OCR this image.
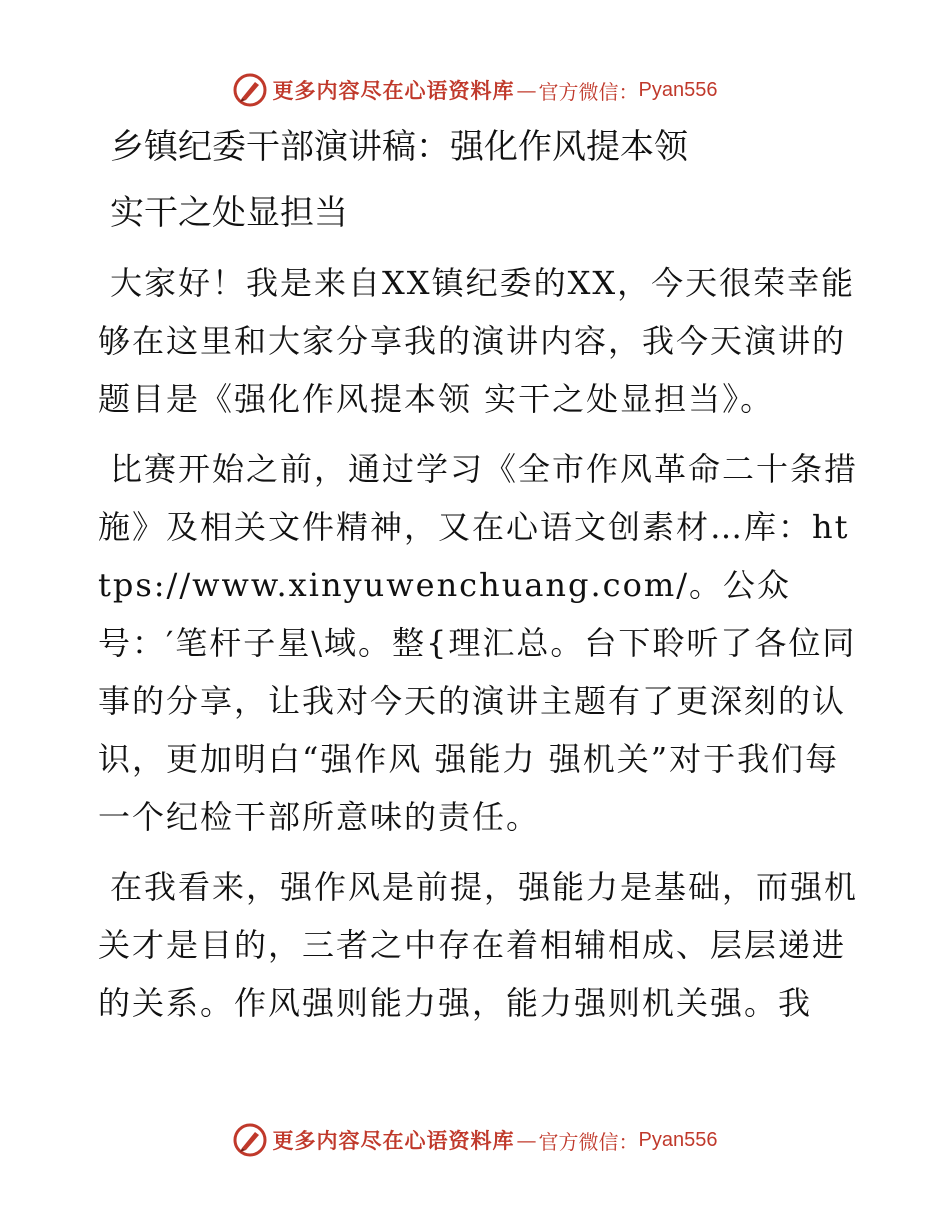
更多内容尽在心语资料库 — 官方微信： Pyan556

乡镇纪委干部演讲稿：强化作风提本领

实干之处显担当

大家好！我是来自XX镇纪委的XX，今天很荣幸能够在这里和大家分享我的演讲内容，我今天演讲的题目是《强化作风提本领 实干之处显担当》。

比赛开始之前，通过学习《全市作风革命二十条措施》及相关文件精神，又在心语文创素材…库：https://www.xinyuwenchuang.com/。公众号：′笔杆子星\域。整{理汇总。台下聆听了各位同事的分享，让我对今天的演讲主题有了更深刻的认识，更加明白“强作风 强能力 强机关”对于我们每一个纪检干部所意味的责任。

在我看来，强作风是前提，强能力是基础，而强机关才是目的，三者之中存在着相辅相成、层层递进的关系。作风强则能力强，能力强则机关强。我

更多内容尽在心语资料库 — 官方微信： Pyan556
